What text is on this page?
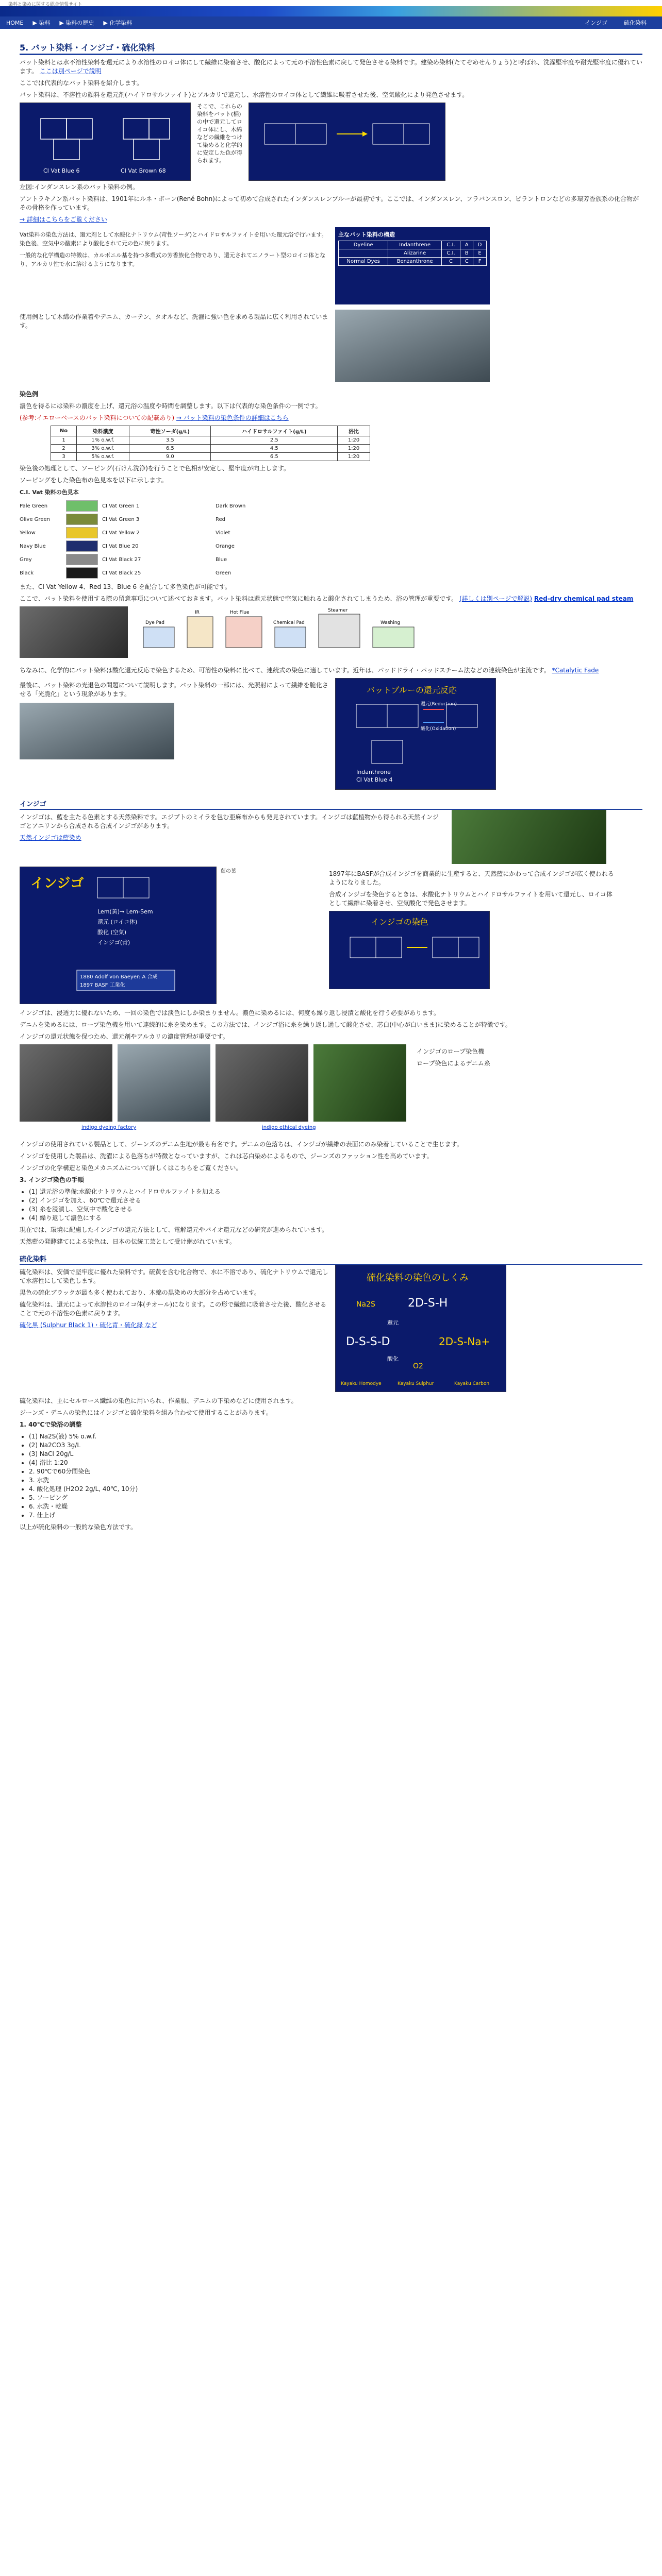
染料と染めに関する総合情報サイト
HOME ▶ 染料 ▶ 染料の歴史 ▶ 化学染料	インジゴ	硫化染料
5. バット染料・インジゴ・硫化染料

バット染料とは水不溶性染料を還元により水溶性のロイコ体にして繊維に染着させ、酸化によって元の不溶性色素に戻して発色させる染料です。建染め染料(たてぞめせんりょう)と呼ばれ、洗濯堅牢度や耐光堅牢度に優れています。 ここは別ページで説明

ここでは代表的なバット染料を紹介します。

バット染料は、不溶性の顔料を還元剤(ハイドロサルファイト)とアルカリで還元し、水溶性のロイコ体として繊維に吸着させた後、空気酸化により発色させます。

CI Vat Blue 6	CI Vat Brown 68
そこで、これらの染料をバット(桶)の中で還元してロイコ体にし、木綿などの繊維をつけて染めると化学的に安定した色が得られます。

左図:インダンスレン系のバット染料の例。

アントラキノン系バット染料は、1901年にルネ・ボーン(René Bohn)によって初めて合成されたインダンスレンブルーが最初です。ここでは、インダンスレン、フラバンスロン、ピラントロンなどの多環芳香族系の化合物がその骨格を作っています。

→ 詳細はこちらをご覧ください

Vat染料の染色方法は、還元剤として水酸化ナトリウム(苛性ソーダ)とハイドロサルファイトを用いた還元浴で行います。染色後、空気中の酸素により酸化されて元の色に戻ります。

一般的な化学構造の特徴は、カルボニル基を持つ多環式の芳香族化合物であり、還元されてエノラート型のロイコ体となり、アルカリ性で水に溶けるようになります。

主なバット染料の構造
Dyeline	Indanthrene	C.I.	A	D
	Alizarine	C.I.	B	E
Normal Dyes	Benzanthrone	C	C	F

使用例として木綿の作業着やデニム、カーテン、タオルなど、洗濯に強い色を求める製品に広く利用されています。

染色例

濃色を得るには染料の濃度を上げ、還元浴の温度や時間を調整します。以下は代表的な染色条件の一例です。

(参考:イエローベースのバット染料についての記載あり) → バット染料の染色条件の詳細はこちら

No	染料濃度	苛性ソーダ(g/L)	ハイドロサルファイト(g/L)	浴比
1	1% o.w.f.	3.5	2.5	1:20
2	3% o.w.f.	6.5	4.5	1:20
3	5% o.w.f.	9.0	6.5	1:20

染色後の処理として、ソーピング(石けん洗浄)を行うことで色相が安定し、堅牢度が向上します。

ソーピングをした染色布の色見本を以下に示します。

C.I. Vat 染料の色見本
Pale Green	CI Vat Green 1	Dark Brown
Olive Green	CI Vat Green 3	Red
Yellow	CI Vat Yellow 2	Violet
Navy Blue	CI Vat Blue 20	Orange
Grey	CI Vat Black 27	Blue
Black	CI Vat Black 25	Green

また、CI Vat Yellow 4、Red 13、Blue 6 を配合して多色染色が可能です。

ここで、バット染料を使用する際の留意事項について述べておきます。バット染料は還元状態で空気に触れると酸化されてしまうため、浴の管理が重要です。 (詳しくは別ページで解説) Red-dry chemical pad steam

Dye Pad
IR	Hot Flue
Chemical Pad
Steamer
Washing

ちなみに、化学的にバット染料は酸化還元反応で染色するため、可溶性の染料に比べて、連続式の染色に適しています。近年は、パッドドライ・パッドスチーム法などの連続染色が主流です。 *Catalytic Fade

最後に、バット染料の光退色の問題について説明します。バット染料の一部には、光照射によって繊維を脆化させる「光脆化」という現象があります。	バットブルーの還元反応
還元(Reduction)
酸化(Oxidation)
Indanthrone
CI Vat Blue 4
インジゴ

インジゴは、藍を主たる色素とする天然染料です。エジプトのミイラを包む亜麻布からも発見されています。インジゴは藍植物から得られる天然インジゴとアニリンから合成される合成インジゴがあります。

天然インジゴは藍染め

インジゴ
Lem(黄)→ Lem-Sem
還元 (ロイコ体)
酸化 (空気)
インジゴ(青)
1880 Adolf von Baeyer: A 合成
1897 BASF 工業化
藍の葉	1897年にBASFが合成インジゴを商業的に生産すると、天然藍にかわって合成インジゴが広く使われるようになりました。

合成インジゴを染色するときは、水酸化ナトリウムとハイドロサルファイトを用いて還元し、ロイコ体として繊維に染着させ、空気酸化で発色させます。

インジゴの染色

インジゴは、浸透力に優れないため、一回の染色では淡色にしか染まりません。濃色に染めるには、何度も繰り返し浸漬と酸化を行う必要があります。

デニムを染めるには、ロープ染色機を用いて連続的に糸を染めます。この方法では、インジゴ浴に糸を繰り返し通して酸化させ、芯白(中心が白いまま)に染めることが特徴です。

インジゴの還元状態を保つため、還元剤やアルカリの濃度管理が重要です。

インジゴのロープ染色機

ロープ染色によるデニム糸

indigo dyeing factory	indigo ethical dyeing

インジゴの使用されている製品として、ジーンズのデニム生地が最も有名です。デニムの色落ちは、インジゴが繊維の表面にのみ染着していることで生じます。

インジゴを使用した製品は、洗濯による色落ちが特徴となっていますが、これは芯白染めによるもので、ジーンズのファッション性を高めています。

インジゴの化学構造と染色メカニズムについて詳しくはこちらをご覧ください。

3. インジゴ染色の手順

• (1) 還元浴の準備:水酸化ナトリウムとハイドロサルファイトを加える
• (2) インジゴを加え、60℃で還元させる
• (3) 糸を浸漬し、空気中で酸化させる
• (4) 繰り返して濃色にする

現在では、環境に配慮したインジゴの還元方法として、電解還元やバイオ還元などの研究が進められています。

天然藍の発酵建てによる染色は、日本の伝統工芸として受け継がれています。

硫化染料

硫化染料は、安価で堅牢度に優れた染料です。硫黄を含む化合物で、水に不溶であり、硫化ナトリウムで還元して水溶性にして染色します。

黒色の硫化ブラックが最も多く使われており、木綿の黒染めの大部分を占めています。

硫化染料は、還元によって水溶性のロイコ体(チオール)になります。この形で繊維に吸着させた後、酸化させることで元の不溶性の色素に戻ります。

硫化黒 (Sulphur Black 1)・硫化青・硫化緑 など

硫化染料の染色のしくみ
Na2S	2D-S-H
還元
D-S-S-D	2D-S-Na+
酸化
O2
Kayaku Homodye	Kayaku Sulphur	Kayaku Carbon

硫化染料は、主にセルロース繊維の染色に用いられ、作業服、デニムの下染めなどに使用されます。

ジーンズ・デニムの染色にはインジゴと硫化染料を組み合わせて使用することがあります。

1. 40℃で染浴の調整

• (1) Na2S(液) 5% o.w.f.
• (2) Na2CO3 3g/L
• (3) NaCl 20g/L
• (4) 浴比 1:20
• 2. 90℃で60分間染色
• 3. 水洗
• 4. 酸化処理 (H2O2 2g/L, 40℃, 10分)
• 5. ソーピング
• 6. 水洗・乾燥
• 7. 仕上げ

以上が硫化染料の一般的な染色方法です。
